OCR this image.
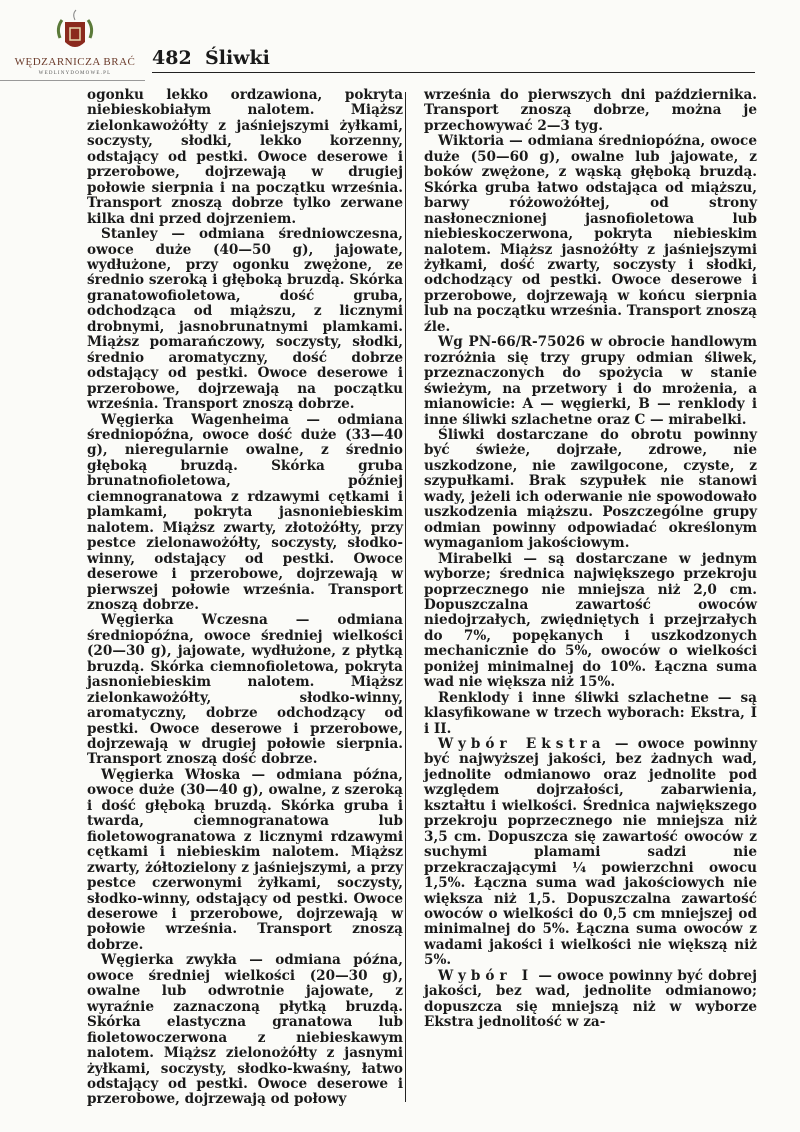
WĘDZARNICZA BRAĆ
WEDLINYDOMOWE.PL
482 Śliwki

ogonku lekko ordzawiona, pokryta niebieskobiałym nalotem. Miąższ zielonkawożółty z jaśniejszymi żyłkami, soczysty, słodki, lekko korzenny, odstający od pestki. Owoce deserowe i przerobowe, dojrzewają w drugiej połowie sierpnia i na początku września. Transport znoszą dobrze tylko zerwane kilka dni przed dojrzeniem.

Stanley — odmiana średniowczesna, owoce duże (40—50 g), jajowate, wydłużone, przy ogonku zwężone, ze średnio szeroką i głęboką bruzdą. Skórka granatowofioletowa, dość gruba, odchodząca od miąższu, z licznymi drobnymi, jasnobrunatnymi plamkami. Miąższ pomarańczowy, soczysty, słodki, średnio aromatyczny, dość dobrze odstający od pestki. Owoce deserowe i przerobowe, dojrzewają na początku września. Transport znoszą dobrze.

Węgierka Wagenheima — odmiana średniopóźna, owoce dość duże (33—40 g), nieregularnie owalne, z średnio głęboką bruzdą. Skórka gruba brunatnofioletowa, później ciemnogranatowa z rdzawymi cętkami i plamkami, pokryta jasnoniebieskim nalotem. Miąższ zwarty, złotożółty, przy pestce zielonawożółty, soczysty, słodko-winny, odstający od pestki. Owoce deserowe i przerobowe, dojrzewają w pierwszej połowie września. Transport znoszą dobrze.

Węgierka Wczesna — odmiana średniopóźna, owoce średniej wielkości (20—30 g), jajowate, wydłużone, z płytką bruzdą. Skórka ciemnofioletowa, pokryta jasnoniebieskim nalotem. Miąższ zielonkawożółty, słodko-winny, aromatyczny, dobrze odchodzący od pestki. Owoce deserowe i przerobowe, dojrzewają w drugiej połowie sierpnia. Transport znoszą dość dobrze.

Węgierka Włoska — odmiana późna, owoce duże (30—40 g), owalne, z szeroką i dość głęboką bruzdą. Skórka gruba i twarda, ciemnogranatowa lub fioletowogranatowa z licznymi rdzawymi cętkami i niebieskim nalotem. Miąższ zwarty, żółtozielony z jaśniejszymi, a przy pestce czerwonymi żyłkami, soczysty, słodko-winny, odstający od pestki. Owoce deserowe i przerobowe, dojrzewają w połowie września. Transport znoszą dobrze.

Węgierka zwykła — odmiana późna, owoce średniej wielkości (20—30 g), owalne lub odwrotnie jajowate, z wyraźnie zaznaczoną płytką bruzdą. Skórka elastyczna granatowa lub fioletowoczerwona z niebieskawym nalotem. Miąższ zielonożółty z jasnymi żyłkami, soczysty, słodko-kwaśny, łatwo odstający od pestki. Owoce deserowe i przerobowe, dojrzewają od połowy

września do pierwszych dni października. Transport znoszą dobrze, można je przechowywać 2—3 tyg.

Wiktoria — odmiana średniopóźna, owoce duże (50—60 g), owalne lub jajowate, z boków zwężone, z wąską głęboką bruzdą. Skórka gruba łatwo odstająca od miąższu, barwy różowożółtej, od strony nasłonecznionej jasnofioletowa lub niebieskoczerwona, pokryta niebieskim nalotem. Miąższ jasnożółty z jaśniejszymi żyłkami, dość zwarty, soczysty i słodki, odchodzący od pestki. Owoce deserowe i przerobowe, dojrzewają w końcu sierpnia lub na początku września. Transport znoszą źle.

Wg PN-66/R-75026 w obrocie handlowym rozróżnia się trzy grupy odmian śliwek, przeznaczonych do spożycia w stanie świeżym, na przetwory i do mrożenia, a mianowicie: A — węgierki, B — renklody i inne śliwki szlachetne oraz C — mirabelki.

Śliwki dostarczane do obrotu powinny być świeże, dojrzałe, zdrowe, nie uszkodzone, nie zawilgocone, czyste, z szypułkami. Brak szypułek nie stanowi wady, jeżeli ich oderwanie nie spowodowało uszkodzenia miąższu. Poszczególne grupy odmian powinny odpowiadać określonym wymaganiom jakościowym.

Mirabelki — są dostarczane w jednym wyborze; średnica największego przekroju poprzecznego nie mniejsza niż 2,0 cm. Dopuszczalna zawartość owoców niedojrzałych, zwiędniętych i przejrzałych do 7%, popękanych i uszkodzonych mechanicznie do 5%, owoców o wielkości poniżej minimalnej do 10%. Łączna suma wad nie większa niż 15%.

Renklody i inne śliwki szlachetne — są klasyfikowane w trzech wyborach: Ekstra, I i II.

Wybór Ekstra — owoce powinny być najwyższej jakości, bez żadnych wad, jednolite odmianowo oraz jednolite pod względem dojrzałości, zabarwienia, kształtu i wielkości. Średnica największego przekroju poprzecznego nie mniejsza niż 3,5 cm. Dopuszcza się zawartość owoców z suchymi plamami sadzi nie przekraczającymi ¼ powierzchni owocu 1,5%. Łączna suma wad jakościowych nie większa niż 1,5. Dopuszczalna zawartość owoców o wielkości do 0,5 cm mniejszej od minimalnej do 5%. Łączna suma owoców z wadami jakości i wielkości nie większą niż 5%.

Wybór I — owoce powinny być dobrej jakości, bez wad, jednolite odmianowo; dopuszcza się mniejszą niż w wyborze Ekstra jednolitość w za-
